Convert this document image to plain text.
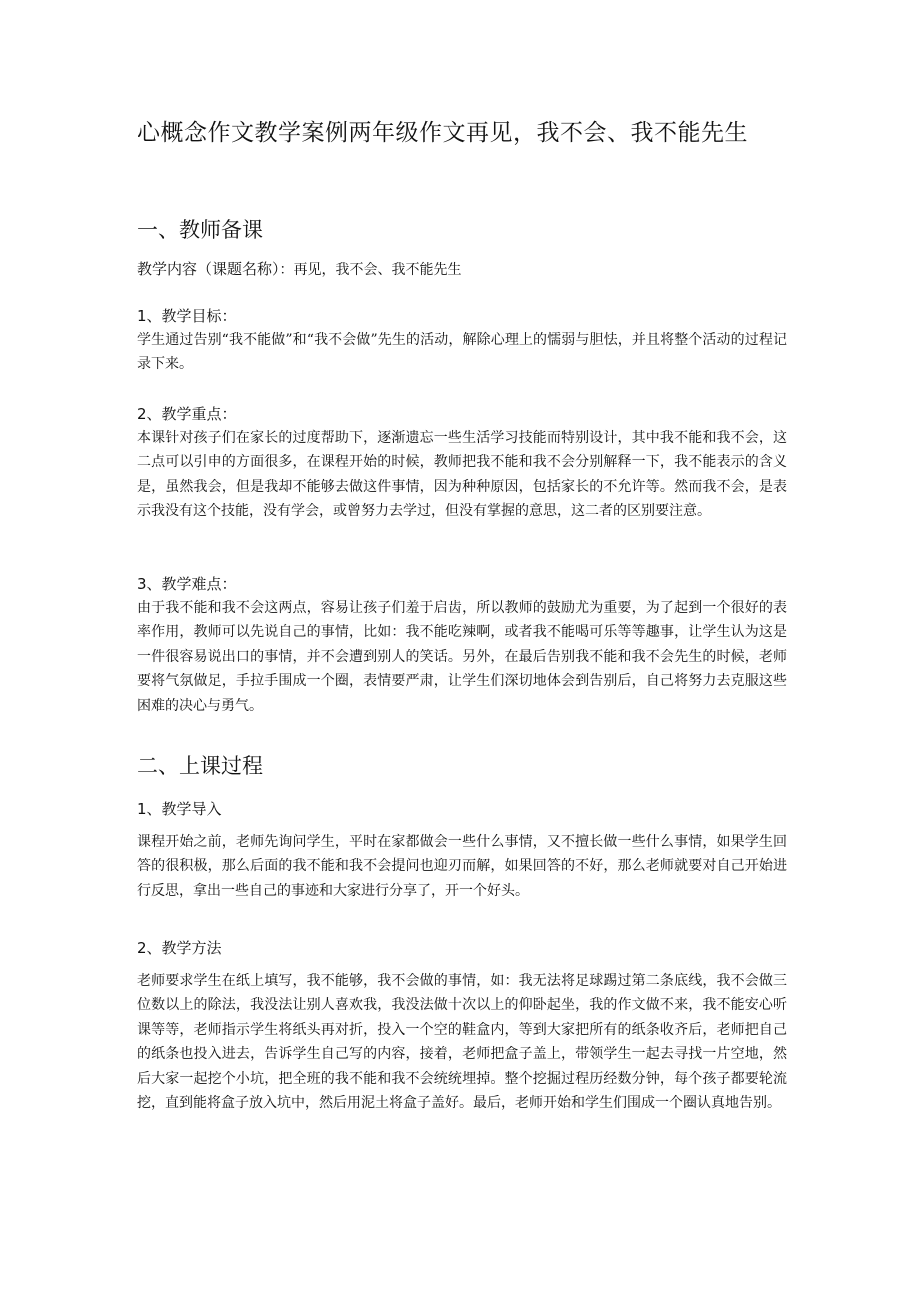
心概念作文教学案例两年级作文再见，我不会、我不能先生
一、教师备课
教学内容（课题名称）：再见，我不会、我不能先生
1、教学目标：
学生通过告别“我不能做”和“我不会做”先生的活动，解除心理上的懦弱与胆怯，并且将整个活动的过程记录下来。
2、教学重点：
本课针对孩子们在家长的过度帮助下，逐渐遗忘一些生活学习技能而特别设计，其中我不能和我不会，这二点可以引申的方面很多，在课程开始的时候，教师把我不能和我不会分别解释一下，我不能表示的含义是，虽然我会，但是我却不能够去做这件事情，因为种种原因，包括家长的不允许等。然而我不会，是表示我没有这个技能，没有学会，或曾努力去学过，但没有掌握的意思，这二者的区别要注意。
3、教学难点：
由于我不能和我不会这两点，容易让孩子们羞于启齿，所以教师的鼓励尤为重要，为了起到一个很好的表率作用，教师可以先说自己的事情，比如：我不能吃辣啊，或者我不能喝可乐等等趣事，让学生认为这是一件很容易说出口的事情，并不会遭到别人的笑话。另外，在最后告别我不能和我不会先生的时候，老师要将气氛做足，手拉手围成一个圈，表情要严肃，让学生们深切地体会到告别后，自己将努力去克服这些困难的决心与勇气。
二、上课过程
1、教学导入
课程开始之前，老师先询问学生，平时在家都做会一些什么事情，又不擅长做一些什么事情，如果学生回答的很积极，那么后面的我不能和我不会提问也迎刃而解，如果回答的不好，那么老师就要对自己开始进行反思，拿出一些自己的事迹和大家进行分享了，开一个好头。
2、教学方法
老师要求学生在纸上填写，我不能够，我不会做的事情，如：我无法将足球踢过第二条底线，我不会做三位数以上的除法，我没法让别人喜欢我，我没法做十次以上的仰卧起坐，我的作文做不来，我不能安心听课等等，老师指示学生将纸头再对折，投入一个空的鞋盒内，等到大家把所有的纸条收齐后，老师把自己的纸条也投入进去，告诉学生自己写的内容，接着，老师把盒子盖上，带领学生一起去寻找一片空地，然后大家一起挖个小坑，把全班的我不能和我不会统统埋掉。整个挖掘过程历经数分钟，每个孩子都要轮流挖，直到能将盒子放入坑中，然后用泥土将盒子盖好。最后，老师开始和学生们围成一个圈认真地告别。
